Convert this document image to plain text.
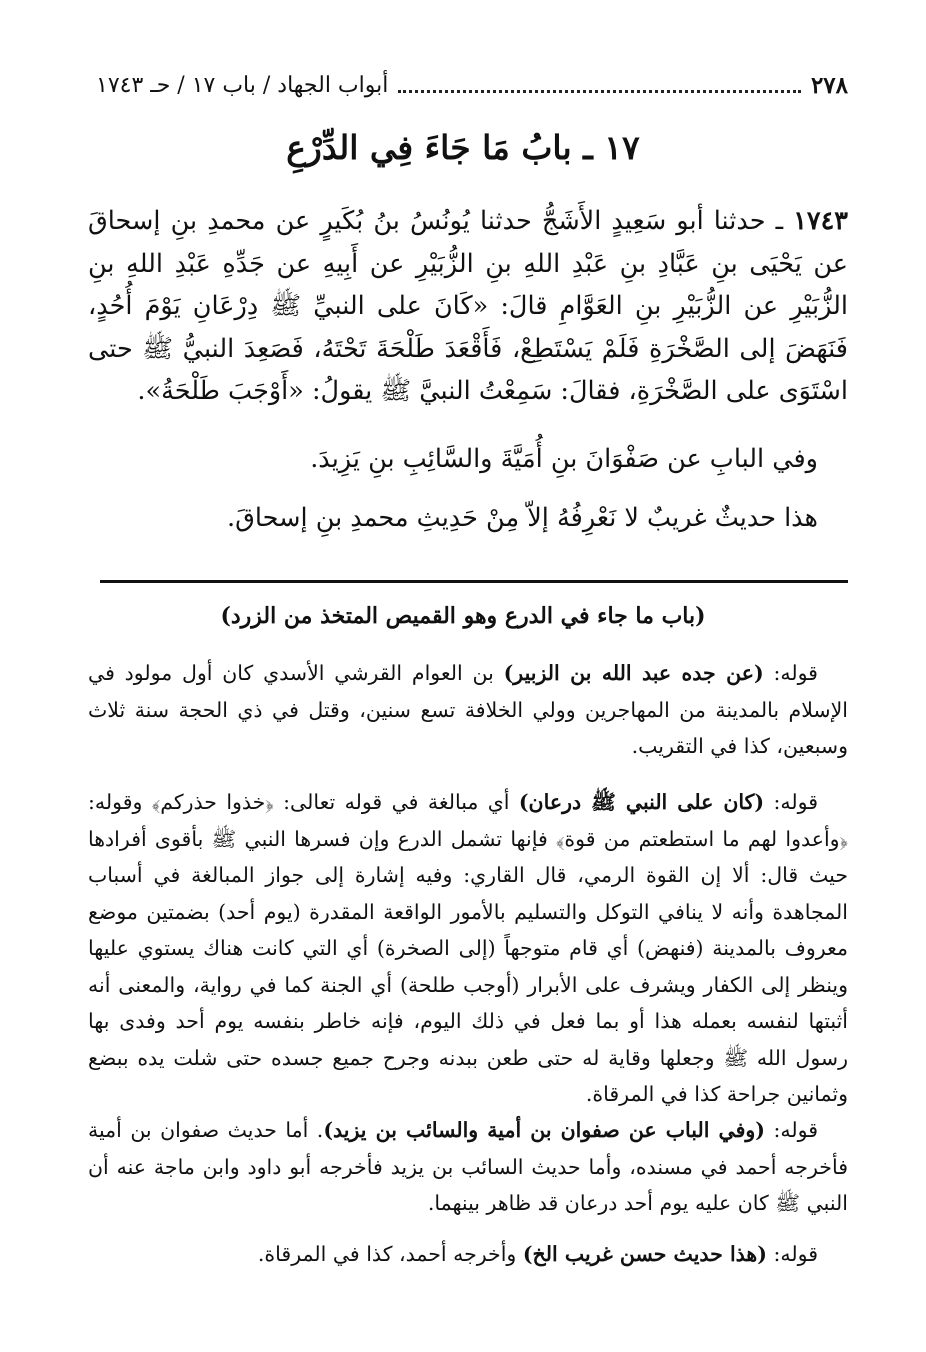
٢٧٨
أبواب الجهاد / باب ١٧ / حـ ١٧٤٣
١٧ ـ بابُ مَا جَاءَ فِي الدِّرْعِ
١٧٤٣ ـ حدثنا أبو سَعِيدٍ الأَشَجُّ حدثنا يُونُسُ بنُ بُكَيرٍ عن محمدِ بنِ إسحاقَ عن يَحْيَى بنِ عَبَّادِ بنِ عَبْدِ اللهِ بنِ الزُّبَيْرِ عن أَبِيهِ عن جَدِّهِ عَبْدِ اللهِ بنِ الزُّبَيْرِ عن الزُّبَيْرِ بنِ العَوَّامِ قالَ: «كَانَ على النبيِّ ﷺ دِرْعَانِ يَوْمَ أُحُدٍ، فَنَهَضَ إلى الصَّخْرَةِ فَلَمْ يَسْتَطِعْ، فَأَقْعَدَ طَلْحَةَ تَحْتَهُ، فَصَعِدَ النبيُّ ﷺ حتى اسْتَوَى على الصَّخْرَةِ، فقالَ: سَمِعْتُ النبيَّ ﷺ يقولُ: «أَوْجَبَ طَلْحَةُ».
وفي البابِ عن صَفْوَانَ بنِ أُمَيَّةَ والسَّائِبِ بنِ يَزِيدَ.
هذا حديثٌ غريبٌ لا نَعْرِفُهُ إلاّ مِنْ حَدِيثِ محمدِ بنِ إسحاقَ.
(باب ما جاء في الدرع وهو القميص المتخذ من الزرد)
قوله: (عن جده عبد الله بن الزبير) بن العوام القرشي الأسدي كان أول مولود في الإسلام بالمدينة من المهاجرين وولي الخلافة تسع سنين، وقتل في ذي الحجة سنة ثلاث وسبعين، كذا في التقريب.
قوله: (كان على النبي ﷺ درعان) أي مبالغة في قوله تعالى: ﴿خذوا حذركم﴾ وقوله: ﴿وأعدوا لهم ما استطعتم من قوة﴾ فإنها تشمل الدرع وإن فسرها النبي ﷺ بأقوى أفرادها حيث قال: ألا إن القوة الرمي، قال القاري: وفيه إشارة إلى جواز المبالغة في أسباب المجاهدة وأنه لا ينافي التوكل والتسليم بالأمور الواقعة المقدرة (يوم أحد) بضمتين موضع معروف بالمدينة (فنهض) أي قام متوجهاً (إلى الصخرة) أي التي كانت هناك يستوي عليها وينظر إلى الكفار ويشرف على الأبرار (أوجب طلحة) أي الجنة كما في رواية، والمعنى أنه أثبتها لنفسه بعمله هذا أو بما فعل في ذلك اليوم، فإنه خاطر بنفسه يوم أحد وفدى بها رسول الله ﷺ وجعلها وقاية له حتى طعن ببدنه وجرح جميع جسده حتى شلت يده ببضع وثمانين جراحة كذا في المرقاة.
قوله: (وفي الباب عن صفوان بن أمية والسائب بن يزيد). أما حديث صفوان بن أمية فأخرجه أحمد في مسنده، وأما حديث السائب بن يزيد فأخرجه أبو داود وابن ماجة عنه أن النبي ﷺ كان عليه يوم أحد درعان قد ظاهر بينهما.
قوله: (هذا حديث حسن غريب الخ) وأخرجه أحمد، كذا في المرقاة.
